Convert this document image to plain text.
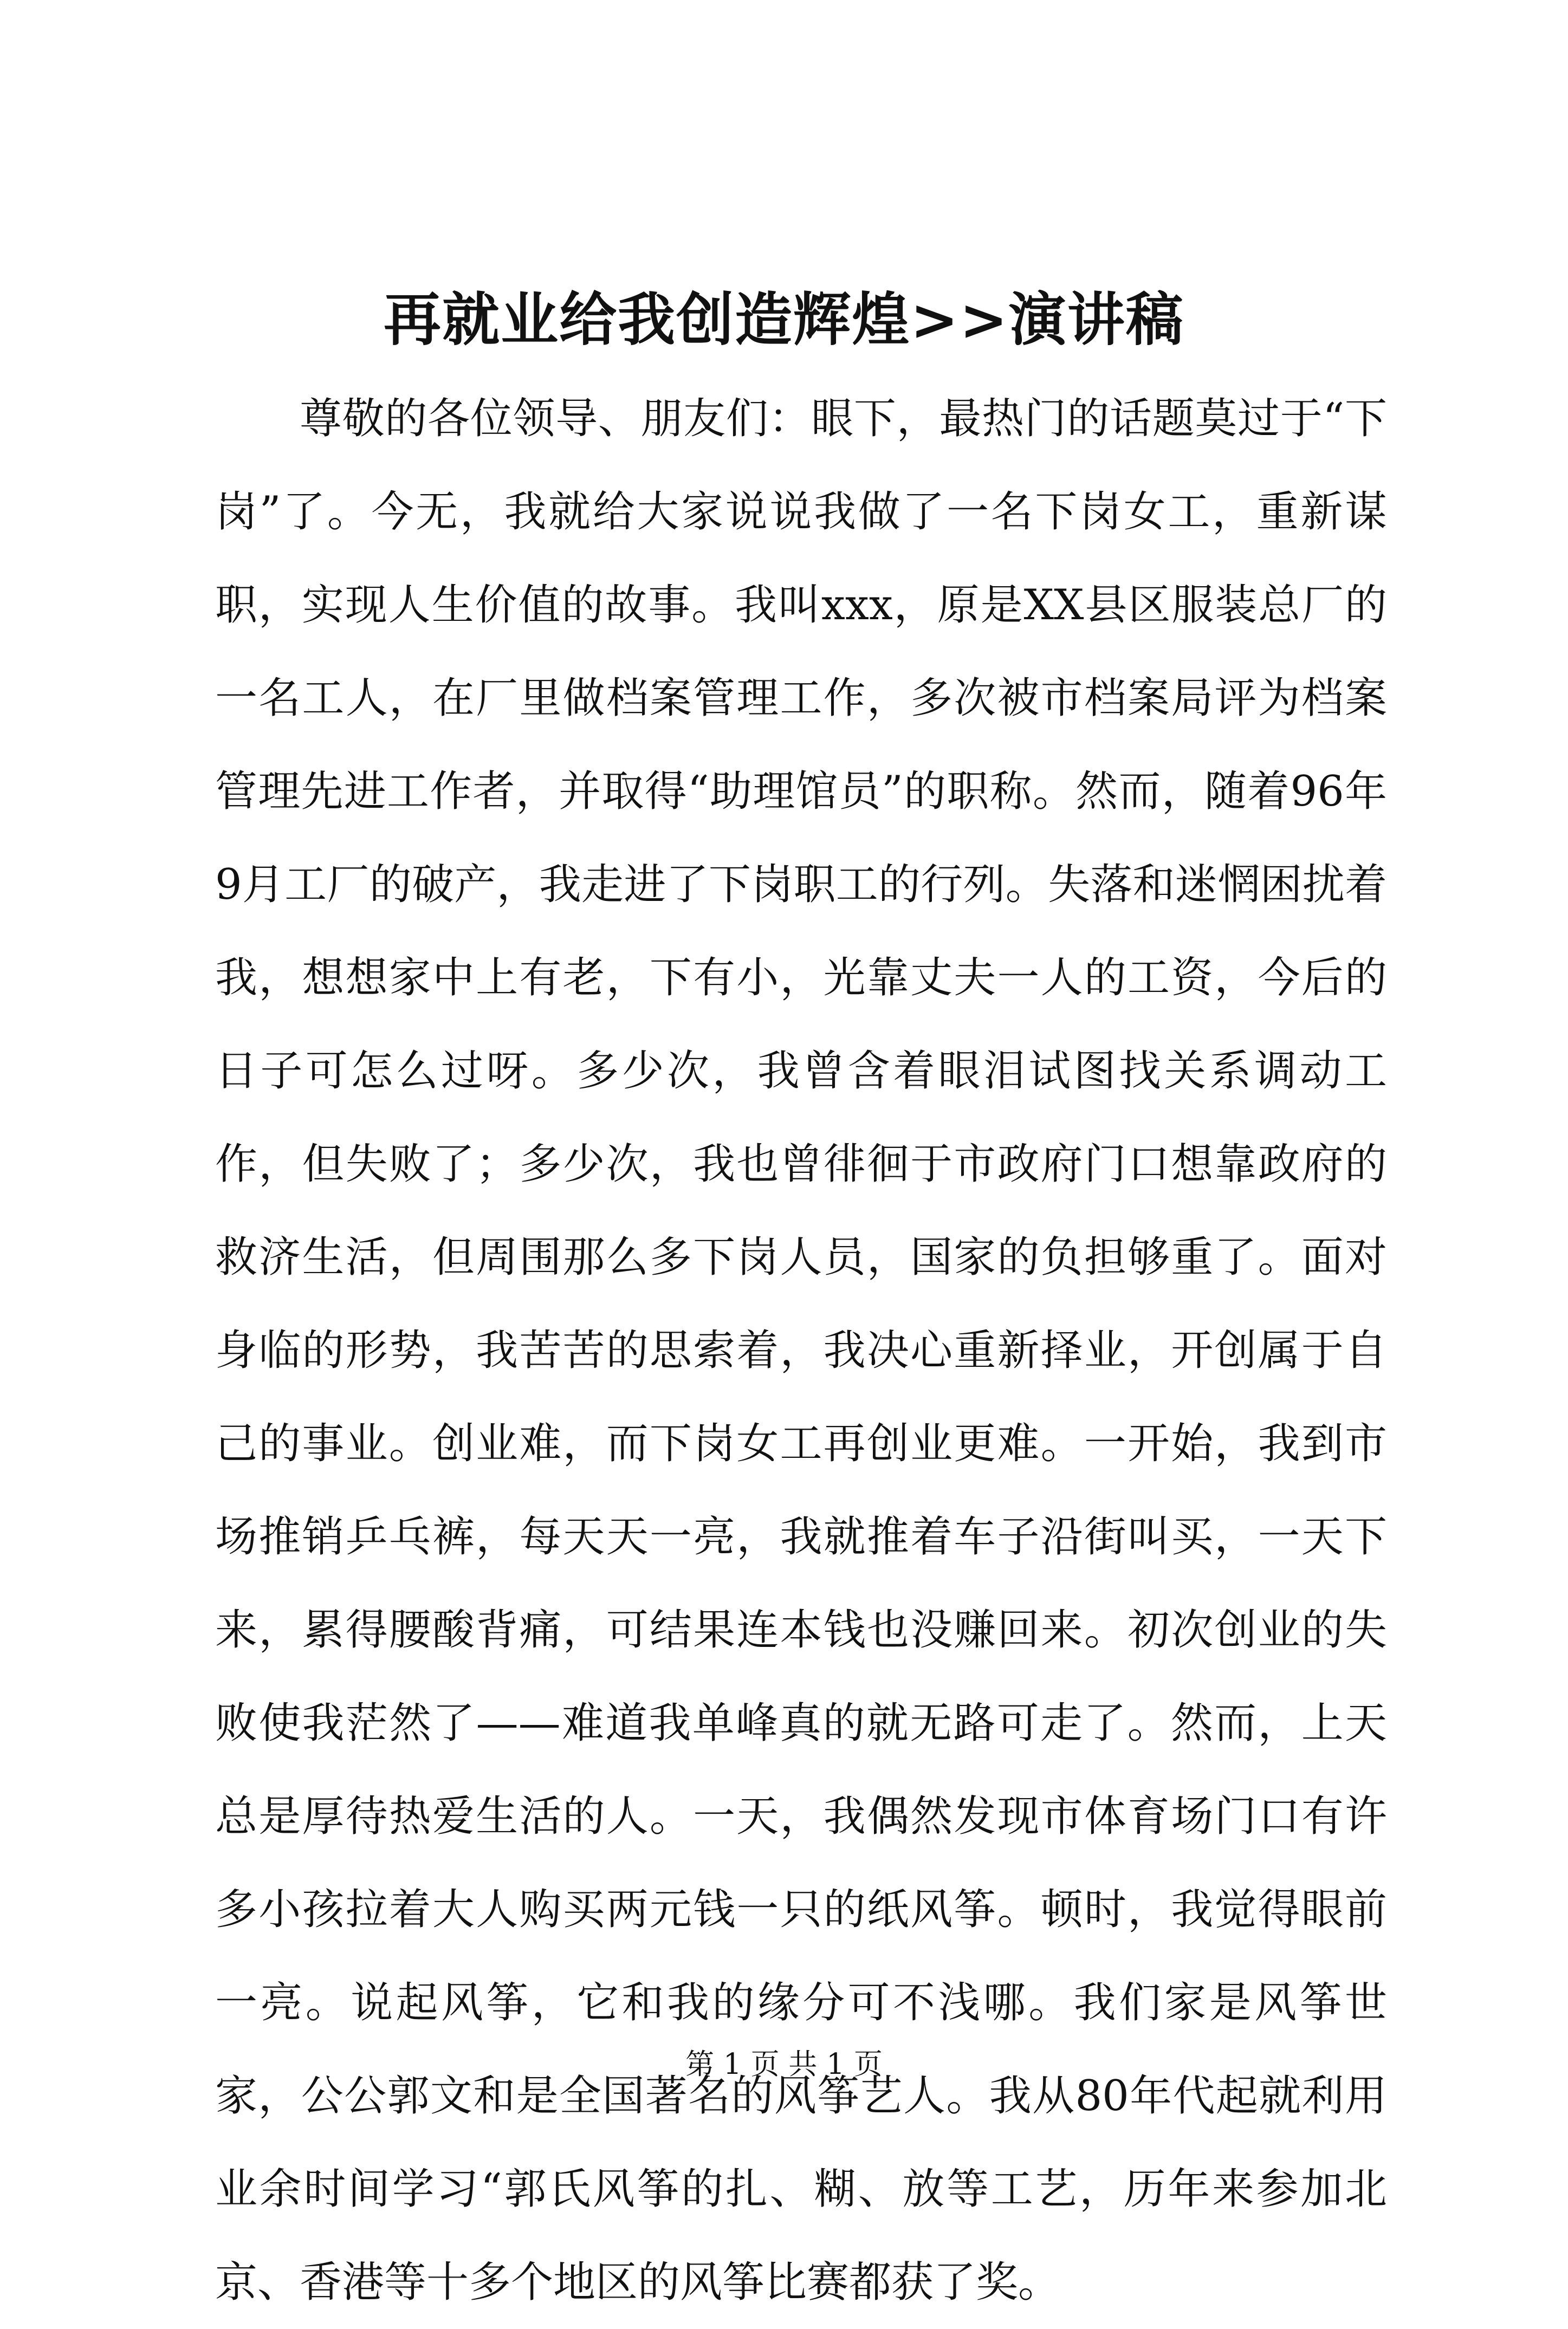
再就业给我创造辉煌>>演讲稿

尊敬的各位领导、朋友们：眼下，最热门的话题莫过于“下岗”了。今无，我就给大家说说我做了一名下岗女工，重新谋职，实现人生价值的故事。我叫xxx，原是XX县区服装总厂的一名工人，在厂里做档案管理工作，多次被市档案局评为档案管理先进工作者，并取得“助理馆员”的职称。然而，随着96年9月工厂的破产，我走进了下岗职工的行列。失落和迷惘困扰着我，想想家中上有老，下有小，光靠丈夫一人的工资，今后的日子可怎么过呀。多少次，我曾含着眼泪试图找关系调动工作，但失败了；多少次，我也曾徘徊于市政府门口想靠政府的救济生活，但周围那么多下岗人员，国家的负担够重了。面对身临的形势，我苦苦的思索着，我决心重新择业，开创属于自己的事业。创业难，而下岗女工再创业更难。一开始，我到市场推销乒乓裤，每天天一亮，我就推着车子沿街叫买，一天下来，累得腰酸背痛，可结果连本钱也没赚回来。初次创业的失败使我茫然了——难道我单峰真的就无路可走了。然而，上天总是厚待热爱生活的人。一天，我偶然发现市体育场门口有许多小孩拉着大人购买两元钱一只的纸风筝。顿时，我觉得眼前一亮。说起风筝，它和我的缘分可不浅哪。我们家是风筝世家，公公郭文和是全国著名的风筝艺人。我从80年代起就利用业余时间学习“郭氏风筝的扎、糊、放等工艺，历年来参加北京、香港等十多个地区的风筝比赛都获了奖。

第 1 页 共 1 页
